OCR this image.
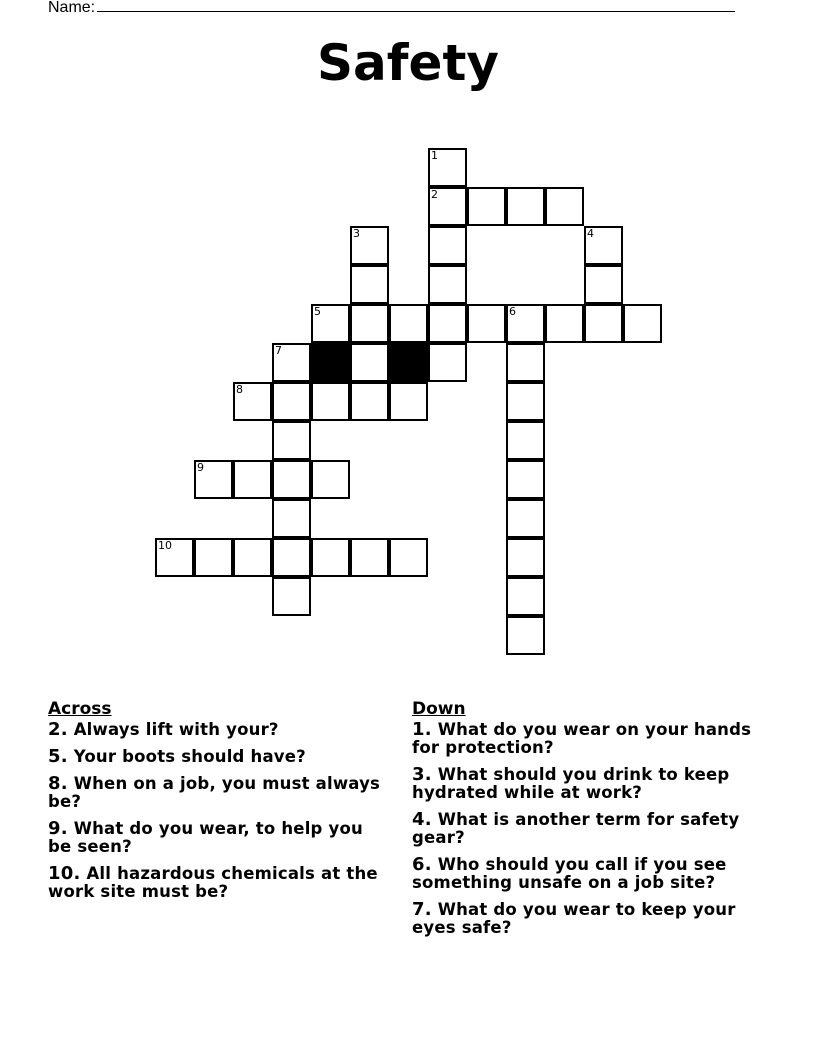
Name:
Safety
1
2
3	4
5	6
7
8
9
10
Across
2. Always lift with your?
5. Your boots should have?
8. When on a job, you must always be?
9. What do you wear, to help you be seen?
10. All hazardous chemicals at the work site must be?
Down
1. What do you wear on your hands for protection?
3. What should you drink to keep hydrated while at work?
4. What is another term for safety gear?
6. Who should you call if you see something unsafe on a job site?
7. What do you wear to keep your eyes safe?
